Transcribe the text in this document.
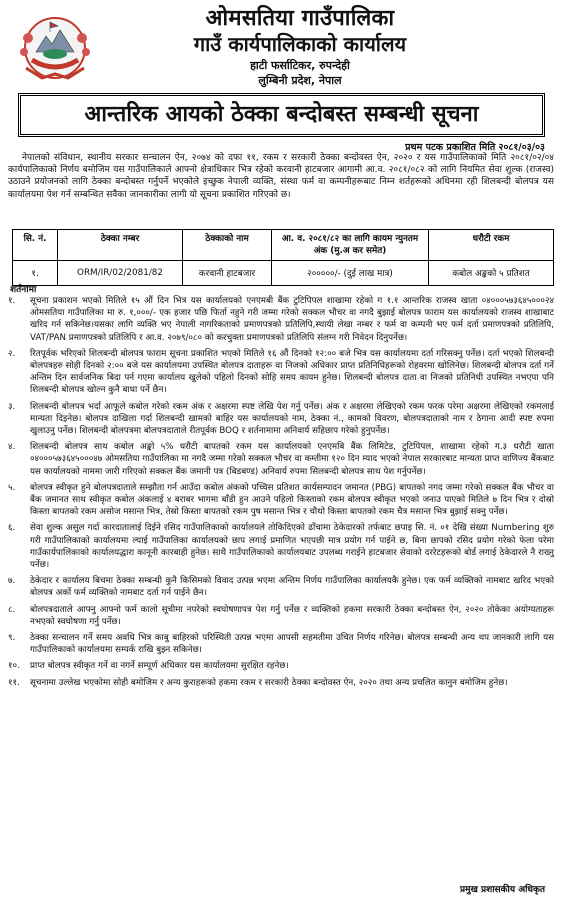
ओमसतिया गाउँपालिका
गाउँ कार्यपालिकाको कार्यालय
हाटी फर्साटिकर, रुपन्देही
लुम्बिनी प्रदेश, नेपाल
आन्तरिक आयको ठेक्का बन्दोबस्त सम्बन्धी सूचना
प्रथम पटक प्रकाशित मिति २०८१/०३/०३

नेपालको संविधान, स्थानीय सरकार सन्चालन ऐन, २०७४ को दफा ११, रकम र सरकारी ठेक्का बन्दोवस्त ऐन, २०२० र यस गाउँपालिकाको मिति २०८१/०२/०४ कार्यपालिकाको निर्णय बमोजिम यस गाउँपालिकाले आफ्नो क्षेत्राधिकार भित्र रहेको करवानी हाटबजार आगामी आ.व. २०८१/०८२ को लागि नियमित सेवा शुल्क (राजस्व) उठाउने प्रयोजनको लागि ठेक्का बन्दोबस्त गर्नुपर्ने भएकोले इच्छुक नेपाली व्यक्ति, संस्था फर्म वा कम्पनीहरूबाट निम्न शर्तहरूको अधिनमा रही शिलबन्दी बोलपत्र यस कार्यालयमा पेश गर्न सम्बन्धित सवैका जानकारीका लागी यो सूचना प्रकाशित गरिएको छ।

सि. नं.	ठेक्का नम्बर	ठेक्काको नाम	आ. व. २०८१/८२ का लागि कायम न्युनतम अंक (मु.अ कर समेत)	धरौटी रकम
१.	ORM/IR/02/2081/82	करवानी हाटबजार	२०००००/- (दुई लाख मात्र)	कबोल अङ्कको ५ प्रतिशत
शर्तनामा
१.	सूचना प्रकाशन भएको मितिले १५ औं दिन भित्र यस कार्यालयको एनएमबी बैंक टुटिपिपल शाखामा रहेको ग १.१ आन्तरिक राजस्व खाता ०४०००५७३६४५०००२४ ओमसतिया गाउँपालिका मा रु. १,०००/- एक हजार पछि फिर्ता नहुने गरी जम्मा गरेको सक्कल भौचर वा नगदै बुझाई बोलपत्र फाराम यस कार्यालयको राजस्व शाखाबाट खरिद गर्न सकिनेछ।यसका लागि व्यक्ति भए नेपाली नागरिकताको प्रमाणपत्रको प्रतिलिपि,स्थायी लेखा नम्बर र फर्म वा कम्पनी भए फर्म दर्ता प्रमाणपत्रको प्रतिलिपि, VAT/PAN प्रमाणपत्रको प्रतिलिपि र आ.व. २०७९/०८० को करचुक्ता प्रमाणपत्रको प्रतिलिपि संलग्न गरी निवेदन दिनुपर्नेछ।
२.	रितपूर्वक भरिएको शिलबन्दी बोलपत्र फाराम सूचना प्रकाशित भएको मितिले १६ औं दिनको १२:०० बजे भित्र यस कार्यालयमा दर्ता गरिसक्नु पर्नेछ। दर्ता भएको शिलबन्दी बोलपत्रहरु सोही दिनको २:०० बजे यस कार्यालयमा उपस्थित बोलपत्र दाताहरू वा निजको अधिकार प्राप्त प्रतिनिधिहरूको रोहवरमा खोलिनेछ। शिलबन्दी बोलपत्र दर्ता गर्ने अन्तिम दिन सार्वजनिक बिदा पर्न गएमा कार्यालय खुलेको पहिलो दिनको सोहि समय कायम हुनेछ। शिलबन्दी बोलपत्र दाता वा निजको प्रतिनिधी उपस्थित नभएपा पनि शिलबन्दी बोलपत्र खोल्न कुनै बाधा पर्ने छैन।
३.	शिलबन्दी बोलपत्र भर्दा आफूले कबोल गरेको रकम अंक र अक्षरमा स्पष्ट लेखि पेश गर्नु पर्नेछ। अंक र अक्षरमा लेखिएको रकम फरक परेमा अक्षरमा लेखिएको रकमलाई मान्यता दिइनेछ। बोलपत्र दाखिला गर्दा शिलबन्दी खामको बाहिर यस कार्यालयको नाम, ठेक्का नं., कामको विवरण, बोलपत्रदाताको नाम र ठेगाना आदी स्पष्ट रुपमा खुलाउनु पर्नेछ। शिलबन्दी बोलपत्रमा बोलपत्रदाताले रीतपूर्वक BOQ र शर्तनामामा अनिवार्य सहिछाप गरेको हुनुपर्नेछ।
४.	शिलबन्दी बोलपत्र साथ कबोल अङ्को ५% धरौटी बापतको रकम यस कार्यालयको एनएमबि बैंक लिमिटेड, टुटिपिपल, शाखामा रहेको ग.३ धरौटी खाता ०४०००५७३६४५०००४७ ओमसतिया गाउँपालिका मा नगदै जम्मा गरेको सक्कल भौचर वा कम्तीमा १२० दिन म्याद भएको नेपाल सरकारबाट मान्यता प्राप्त वाणिज्य बैंकबाट यस कार्यालयको नाममा जारी गरिएको सक्कल बैंक जमानी पत्र (बिडबण्ड) अनिवार्य रुपमा सिलबन्दी बोलपत्र साथ पेश गर्नुपर्नेछ।
५.	बोलपत्र स्वीकृत हुने बोलपत्रदाताले सम्झौता गर्न आउँदा कबोल अंकको पच्चिस प्रतिशत कार्यसम्पादन जमानत (PBG) बापतको नगद जम्मा गरेको सक्कल बैंक भौचर वा बैंक जमानत साथ स्वीकृत कबोल अंकलाई ४ बराबर भागमा बाँडी हुन आउने पहिलो किस्ताको रकम बोलपत्र स्वीकृत भएको जनाउ पाएको मितिले ७ दिन भित्र र दोस्रो किस्ता बापतको रकम असोज मसान्त भित्र, तेस्रो किस्ता बापतको रकम पुष मसान्त भित्र र चौथो किस्ता बापतको रकम चैत्र मसान्त भित्र बुझाई सक्नु पर्नेछ।
६.	सेवा शुल्क असुल गर्दा कारदातालाई दिईने रसिद गाउँपालिकाको कार्यालयले तोकिदिएको ढाँचामा ठेकेदारको तर्फबाट छपाइ सि. नं. ०१ देखि संख्या Numbering शुरु गरी गाउँपालिकाको कार्यालयमा ल्याई गाउँपालिका कार्यालयको छाप लगाई प्रमाणित भएपछी मात्र प्रयोग गर्न पाईने छ, बिना छापको रसिद प्रयोग गरेको फेला परेमा गाउँकार्यपालिकाको कार्यालयद्धारा कानूनी कारबाही हुनेछ। साथै गाउँपालिकाको कार्यालयबाट उपलब्ध गराईने हाटबजार सेवाको दररेटहरूको बोर्ड लगाई ठेकेदारले नै राख्नु पर्नेछ।
७.	ठेकेदार र कार्यालय बिचमा ठेक्का सम्बन्धी कुनै किसिमको विवाद उत्पन्न भएमा अन्तिम निर्णय गाउँपालिका कार्यालयकै हुनेछ। एक फर्म व्यक्तिको नामबाट खरिद भएको बोलपत्र अर्को फर्म व्यक्तिको नामबाट दर्ता गर्न पाईने छैन।
८.	बोलपत्रदाताले आफ्नु आफ्नो फर्म कालो सूचीमा नपरेको स्वघोषणापत्र पेश गर्नु पर्नेछ र व्यक्तिको हकमा सरकारी ठेक्का बन्दोबस्त ऐन, २०२० तोकेका अयोग्यताहरू नभएको स्वघोषणा गर्नु पर्नेछ।
९.	ठेक्का सन्चालन गर्ने समय अवधि भित्र काबु बाहिरको परिस्थिती उत्पन्न भएमा आपसी सहमतीमा उचित निर्णय गरिनेछ। बोलपत्र सम्बन्धी अन्य थप जानकारी लागि यस गाउँपालिकाको कार्यालयमा सम्पर्क राखि बुझ्न सकिनेछ।
१०.	प्राप्त बोलपत्र स्वीकृत गर्ने वा नगर्ने सम्पूर्ण अधिकार यस कार्यालयमा सुरक्षित रहनेछ।
११.	सूचनामा उल्लेख भएकोमा सोही बमोजिम र अन्य कुराहरूको हकमा रकम र सरकारी ठेक्का बन्दोवस्त ऐन, २०२० तथा अन्य प्रचलित कानुन बमोजिम हुनेछ।
प्रमुख प्रशासकीय अधिकृत
